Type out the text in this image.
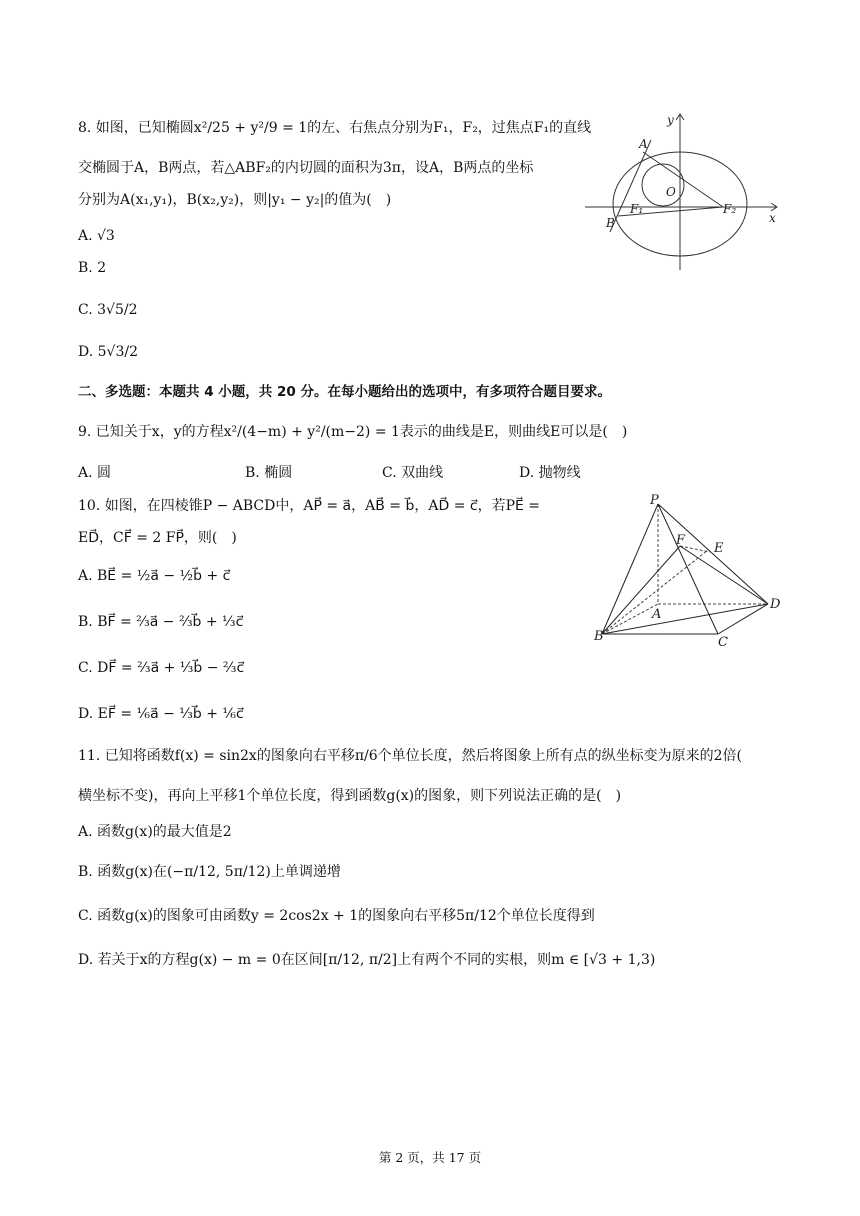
8. 如图，已知椭圆x²/25 + y²/9 = 1的左、右焦点分别为F₁，F₂，过焦点F₁的直线
交椭圆于A，B两点，若△ABF₂的内切圆的面积为3π，设A，B两点的坐标
分别为A(x₁,y₁)，B(x₂,y₂)，则|y₁ − y₂|的值为(　)
A. √3
B. 2
C. 3√5/2
D. 5√3/2
A
B
O
F₁	F₂
x
y
二、多选题：本题共 4 小题，共 20 分。在每小题给出的选项中，有多项符合题目要求。
9. 已知关于x，y的方程x²/(4−m) + y²/(m−2) = 1表示的曲线是E，则曲线E可以是(　)
A. 圆	B. 椭圆	C. 双曲线	D. 抛物线
10. 如图，在四棱锥P − ABCD中，AP⃗ = a⃗，AB⃗ = b⃗，AD⃗ = c⃗，若PE⃗ =
ED⃗，CF⃗ = 2 FP⃗，则(　)
A. BE⃗ = ½a⃗ − ½b⃗ + c⃗
B. BF⃗ = ⅔a⃗ − ⅔b⃗ + ⅓c⃗
C. DF⃗ = ⅔a⃗ + ⅓b⃗ − ⅔c⃗
D. EF⃗ = ⅙a⃗ − ⅓b⃗ + ⅙c⃗
P
F
E
A
B	C
D
11. 已知将函数f(x) = sin2x的图象向右平移π/6个单位长度，然后将图象上所有点的纵坐标变为原来的2倍(
横坐标不变)，再向上平移1个单位长度，得到函数g(x)的图象，则下列说法正确的是(　)
A. 函数g(x)的最大值是2
B. 函数g(x)在(−π/12, 5π/12)上单调递增
C. 函数g(x)的图象可由函数y = 2cos2x + 1的图象向右平移5π/12个单位长度得到
D. 若关于x的方程g(x) − m = 0在区间[π/12, π/2]上有两个不同的实根，则m ∈ [√3 + 1,3)
第 2 页，共 17 页
